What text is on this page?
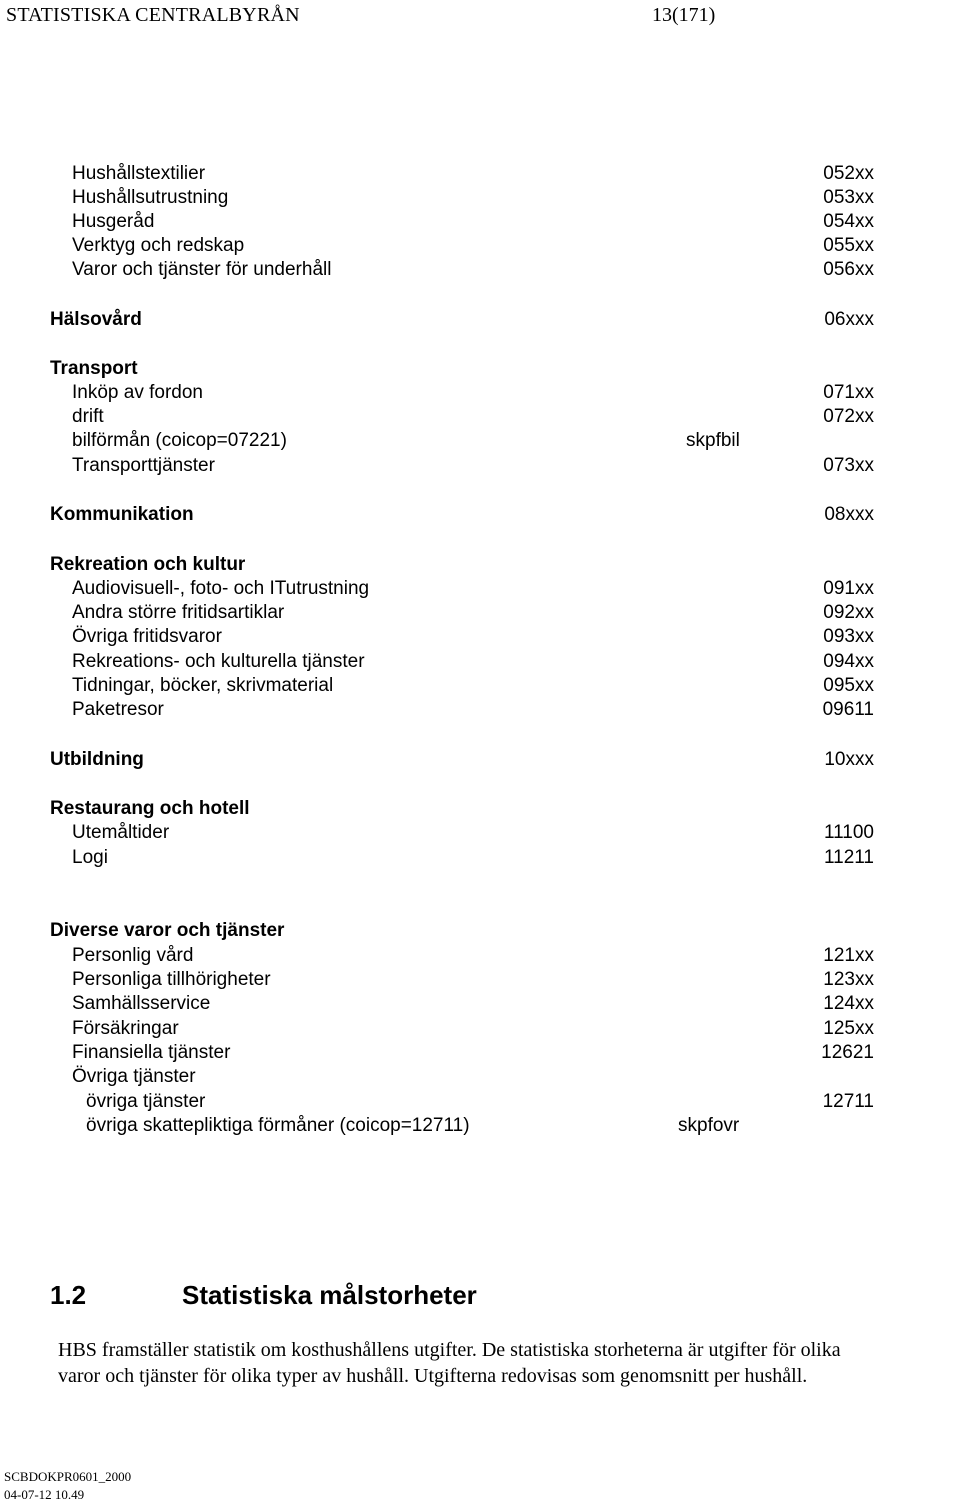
STATISTISKA CENTRALBYRÅN	13(171)
Hushållstextilier	052xx
Hushållsutrustning	053xx
Husgeråd	054xx
Verktyg och redskap	055xx
Varor och tjänster för underhåll	056xx
Hälsovård	06xxx
Transport
Inköp av fordon	071xx
drift	072xx
bilförmån (coicop=07221)	skpfbil
Transporttjänster	073xx
Kommunikation	08xxx
Rekreation och kultur
Audiovisuell-, foto- och ITutrustning	091xx
Andra större fritidsartiklar	092xx
Övriga fritidsvaror	093xx
Rekreations- och kulturella tjänster	094xx
Tidningar, böcker, skrivmaterial	095xx
Paketresor	09611
Utbildning	10xxx
Restaurang och hotell
Utemåltider	11100
Logi	11211
Diverse varor och tjänster
Personlig vård	121xx
Personliga tillhörigheter	123xx
Samhällsservice	124xx
Försäkringar	125xx
Finansiella tjänster	12621
Övriga tjänster
övriga tjänster	12711
övriga skattepliktiga förmåner (coicop=12711)	skpfovr
1.2	Statistiska målstorheter

HBS framställer statistik om kosthushållens utgifter. De statistiska storheterna är utgifter för olika

varor och tjänster för olika typer av hushåll. Utgifterna redovisas som genomsnitt per hushåll.

SCBDOKPR0601_2000
04-07-12 10.49
